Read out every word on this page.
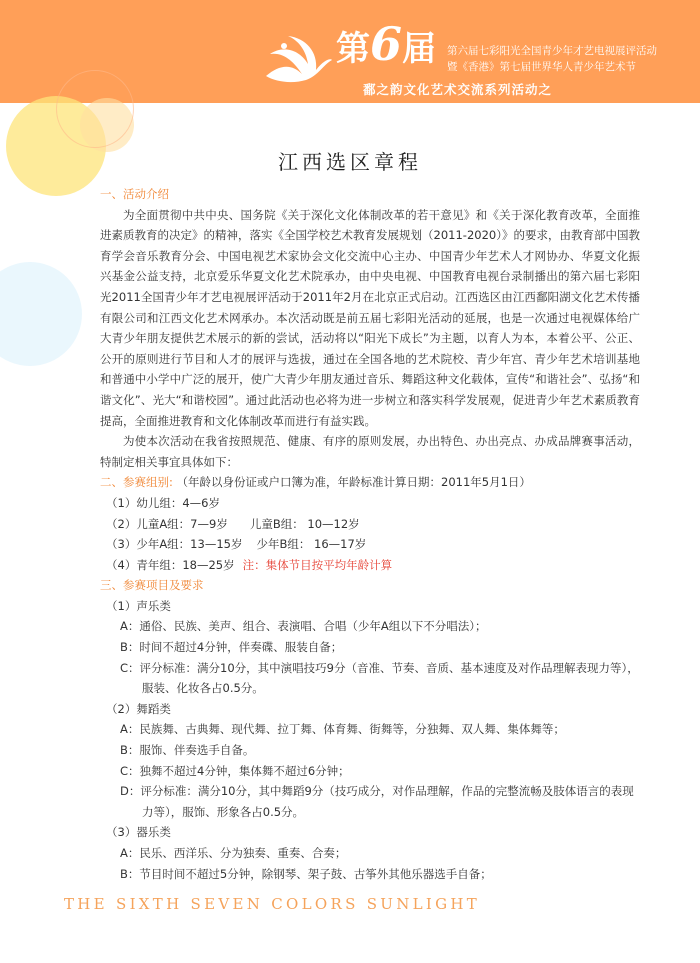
第6届 第六届七彩阳光全国青少年才艺电视展评活动
暨《香港》第七届世界华人青少年艺术节
鄱之韵文化艺术交流系列活动之
江西选区章程
一、活动介绍
为全面贯彻中共中央、国务院《关于深化文化体制改革的若干意见》和《关于深化教育改革，全面推进素质教育的决定》的精神，落实《全国学校艺术教育发展规划（2011-2020）》的要求，由教育部中国教育学会音乐教育分会、中国电视艺术家协会文化交流中心主办、中国青少年艺术人才网协办、华夏文化振兴基金公益支持，北京爱乐华夏文化艺术院承办，由中央电视、中国教育电视台录制播出的第六届七彩阳光2011全国青少年才艺电视展评活动于2011年2月在北京正式启动。江西选区由江西鄱阳湖文化艺术传播有限公司和江西文化艺术网承办。本次活动既是前五届七彩阳光活动的延展，也是一次通过电视媒体给广大青少年朋友提供艺术展示的新的尝试，活动将以“阳光下成长”为主题，以育人为本，本着公平、公正、公开的原则进行节目和人才的展评与选拔，通过在全国各地的艺术院校、青少年宫、青少年艺术培训基地和普通中小学中广泛的展开，使广大青少年朋友通过音乐、舞蹈这种文化载体，宣传“和谐社会”、弘扬“和谐文化”、光大“和谐校园”。通过此活动也必将为进一步树立和落实科学发展观，促进青少年艺术素质教育提高，全面推进教育和文化体制改革而进行有益实践。
为使本次活动在我省按照规范、健康、有序的原则发展，办出特色、办出亮点、办成品牌赛事活动，特制定相关事宜具体如下：
二、参赛组别: （年龄以身份证或户口簿为准，年龄标准计算日期：2011年5月1日）
（1）幼儿组：4—6岁
（2）儿童A组：7—9岁 儿童B组： 10—12岁
（3）少年A组：13—15岁 少年B组： 16—17岁
（4）青年组：18—25岁 注：集体节目按平均年龄计算
三、参赛项目及要求
（1）声乐类
A：通俗、民族、美声、组合、表演唱、合唱（少年A组以下不分唱法）；
B：时间不超过4分钟，伴奏碟、服装自备；
C：评分标准：满分10分，其中演唱技巧9分（音准、节奏、音质、基本速度及对作品理解表现力等），服装、化妆各占0.5分。
（2）舞蹈类
A：民族舞、古典舞、现代舞、拉丁舞、体育舞、街舞等，分独舞、双人舞、集体舞等；
B：服饰、伴奏选手自备。
C：独舞不超过4分钟，集体舞不超过6分钟；
D：评分标准：满分10分，其中舞蹈9分（技巧成分，对作品理解，作品的完整流畅及肢体语言的表现力等），服饰、形象各占0.5分。
（3）器乐类
A：民乐、西洋乐、分为独奏、重奏、合奏；
B：节目时间不超过5分钟，除钢琴、架子鼓、古筝外其他乐器选手自备；
THE SIXTH SEVEN COLORS SUNLIGHT
